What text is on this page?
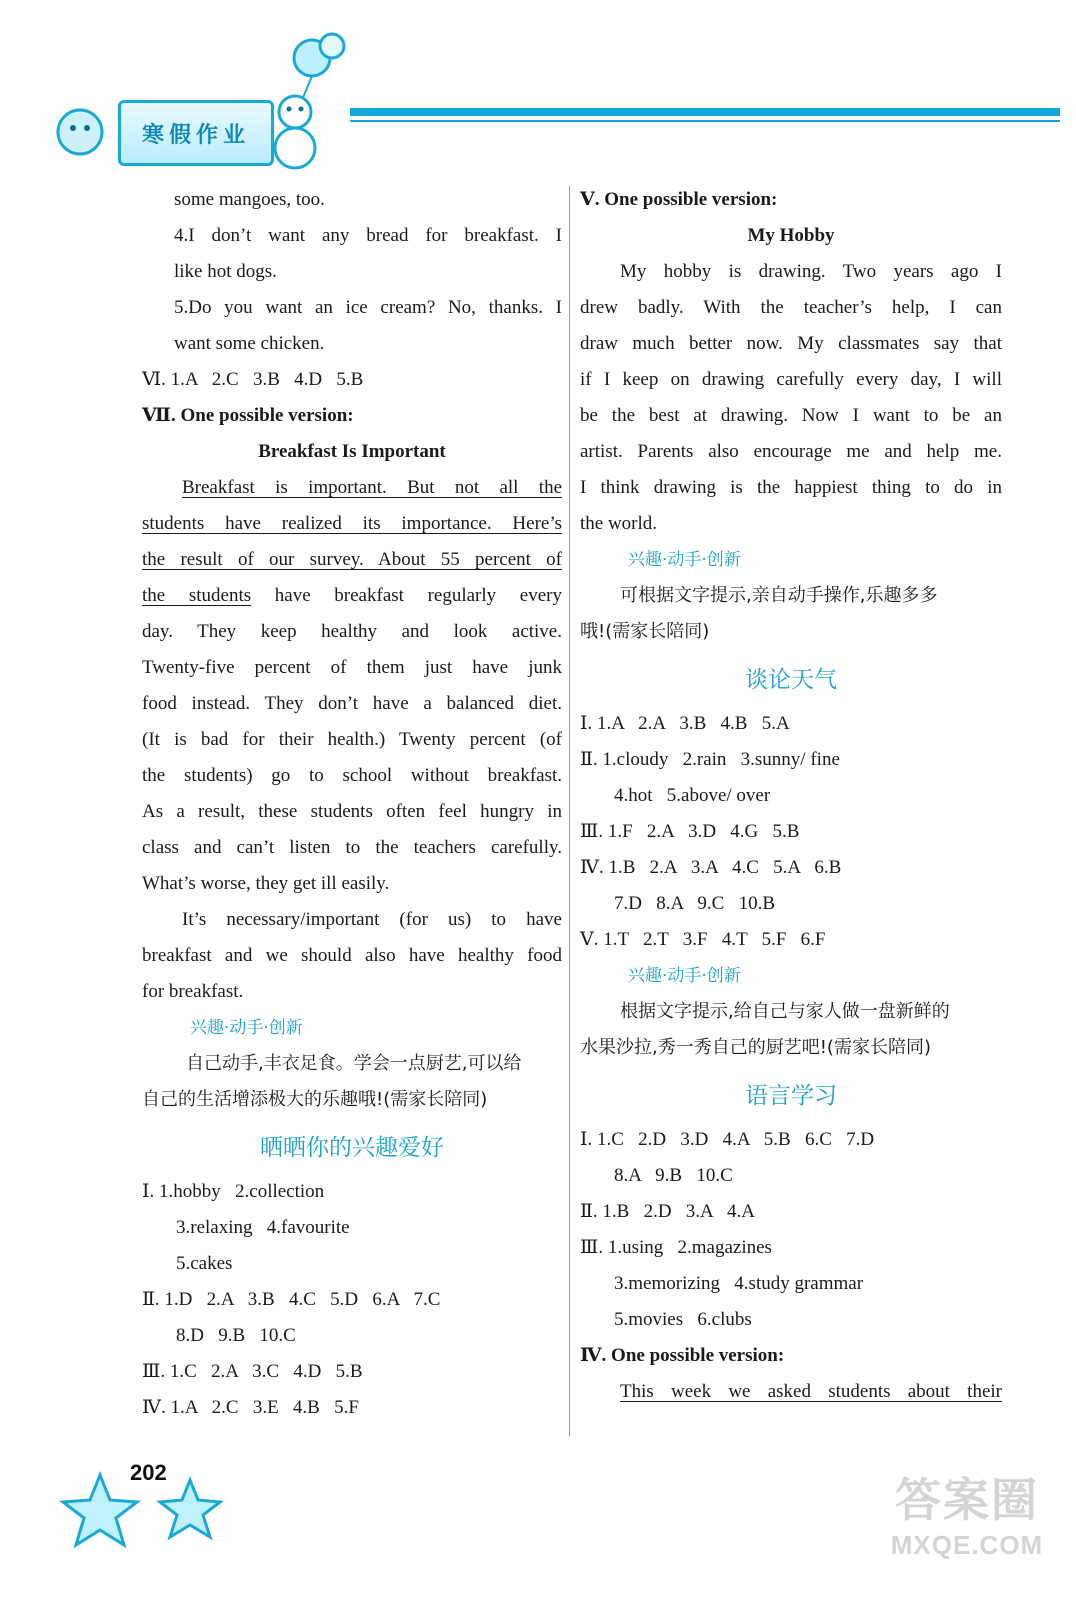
寒假作业
some mangoes, too.
4.I don’t want any bread for breakfast. I
like hot dogs.
5.Do you want an ice cream? No, thanks. I
want some chicken.
Ⅵ. 1.A   2.C   3.B   4.D   5.B
Ⅶ. One possible version:
Breakfast Is Important
Breakfast is important. But not all the
students have realized its importance. Here’s
the result of our survey. About 55 percent of
the students have breakfast regularly every
day. They keep healthy and look active.
Twenty-five percent of them just have junk
food instead. They don’t have a balanced diet.
(It is bad for their health.) Twenty percent (of
the students) go to school without breakfast.
As a result, these students often feel hungry in
class and can’t listen to the teachers carefully.
What’s worse, they get ill easily.
It’s necessary/important (for us) to have
breakfast and we should also have healthy food
for breakfast.
兴趣·动手·创新
自己动手,丰衣足食。学会一点厨艺,可以给
自己的生活增添极大的乐趣哦!(需家长陪同)
晒晒你的兴趣爱好
Ⅰ. 1.hobby   2.collection
3.relaxing   4.favourite
5.cakes
Ⅱ. 1.D   2.A   3.B   4.C   5.D   6.A   7.C
8.D   9.B   10.C
Ⅲ. 1.C   2.A   3.C   4.D   5.B
Ⅳ. 1.A   2.C   3.E   4.B   5.F
Ⅴ. One possible version:
My Hobby
My hobby is drawing. Two years ago I
drew badly. With the teacher’s help, I can
draw much better now. My classmates say that
if I keep on drawing carefully every day, I will
be the best at drawing. Now I want to be an
artist. Parents also encourage me and help me.
I think drawing is the happiest thing to do in
the world.
兴趣·动手·创新
可根据文字提示,亲自动手操作,乐趣多多
哦!(需家长陪同)
谈论天气
Ⅰ. 1.A   2.A   3.B   4.B   5.A
Ⅱ. 1.cloudy   2.rain   3.sunny/ fine
4.hot   5.above/ over
Ⅲ. 1.F   2.A   3.D   4.G   5.B
Ⅳ. 1.B   2.A   3.A   4.C   5.A   6.B
7.D   8.A   9.C   10.B
Ⅴ. 1.T   2.T   3.F   4.T   5.F   6.F
兴趣·动手·创新
根据文字提示,给自己与家人做一盘新鲜的
水果沙拉,秀一秀自己的厨艺吧!(需家长陪同)
语言学习
Ⅰ. 1.C   2.D   3.D   4.A   5.B   6.C   7.D
8.A   9.B   10.C
Ⅱ. 1.B   2.D   3.A   4.A
Ⅲ. 1.using   2.magazines
3.memorizing   4.study grammar
5.movies   6.clubs
Ⅳ. One possible version:
This week we asked students about their
202
答案圈
MXQE.COM
